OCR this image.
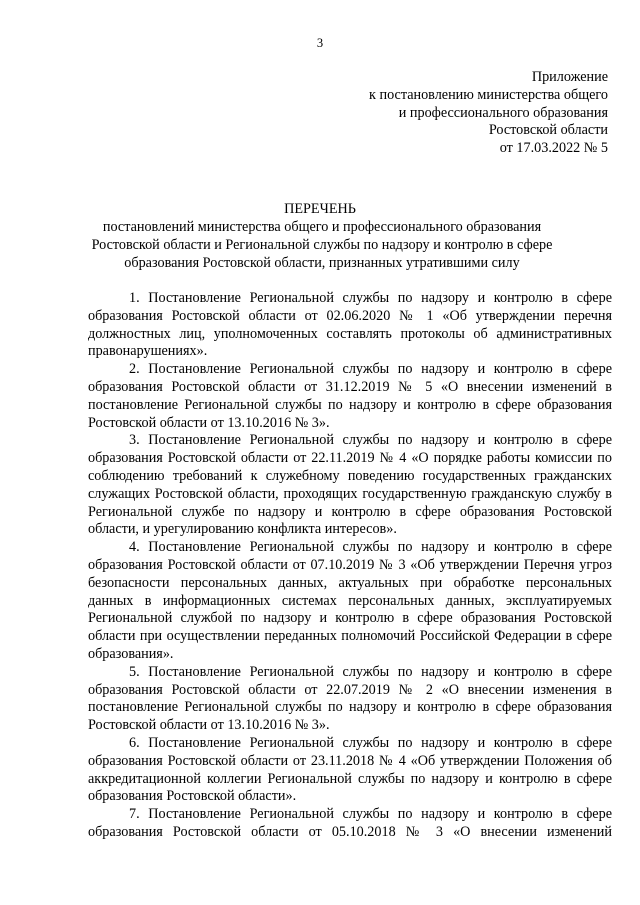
3
Приложение
к постановлению министерства общего
и профессионального образования
Ростовской области
от 17.03.2022 № 5
ПЕРЕЧЕНЬ
постановлений министерства общего и профессионального образования
Ростовской области и Региональной службы по надзору и контролю в сфере
образования Ростовской области, признанных утратившими силу

1. Постановление Региональной службы по надзору и контролю в сфере образования Ростовской области от 02.06.2020 № 1 «Об утверждении перечня должностных лиц, уполномоченных составлять протоколы об административных правонарушениях».

2. Постановление Региональной службы по надзору и контролю в сфере образования Ростовской области от 31.12.2019 № 5 «О внесении изменений в постановление Региональной службы по надзору и контролю в сфере образования Ростовской области от 13.10.2016 № 3».

3. Постановление Региональной службы по надзору и контролю в сфере образования Ростовской области от 22.11.2019 № 4 «О порядке работы комиссии по соблюдению требований к служебному поведению государственных гражданских служащих Ростовской области, проходящих государственную гражданскую службу в Региональной службе по надзору и контролю в сфере образования Ростовской области, и урегулированию конфликта интересов».

4. Постановление Региональной службы по надзору и контролю в сфере образования Ростовской области от 07.10.2019 № 3 «Об утверждении Перечня угроз безопасности персональных данных, актуальных при обработке персональных данных в информационных системах персональных данных, эксплуатируемых Региональной службой по надзору и контролю в сфере образования Ростовской области при осуществлении переданных полномочий Российской Федерации в сфере образования».

5. Постановление Региональной службы по надзору и контролю в сфере образования Ростовской области от 22.07.2019 № 2 «О внесении изменения в постановление Региональной службы по надзору и контролю в сфере образования Ростовской области от 13.10.2016 № 3».

6. Постановление Региональной службы по надзору и контролю в сфере образования Ростовской области от 23.11.2018 № 4 «Об утверждении Положения об аккредитационной коллегии Региональной службы по надзору и контролю в сфере образования Ростовской области».

7. Постановление Региональной службы по надзору и контролю в сфере образования Ростовской области от 05.10.2018 № 3 «О внесении изменений
